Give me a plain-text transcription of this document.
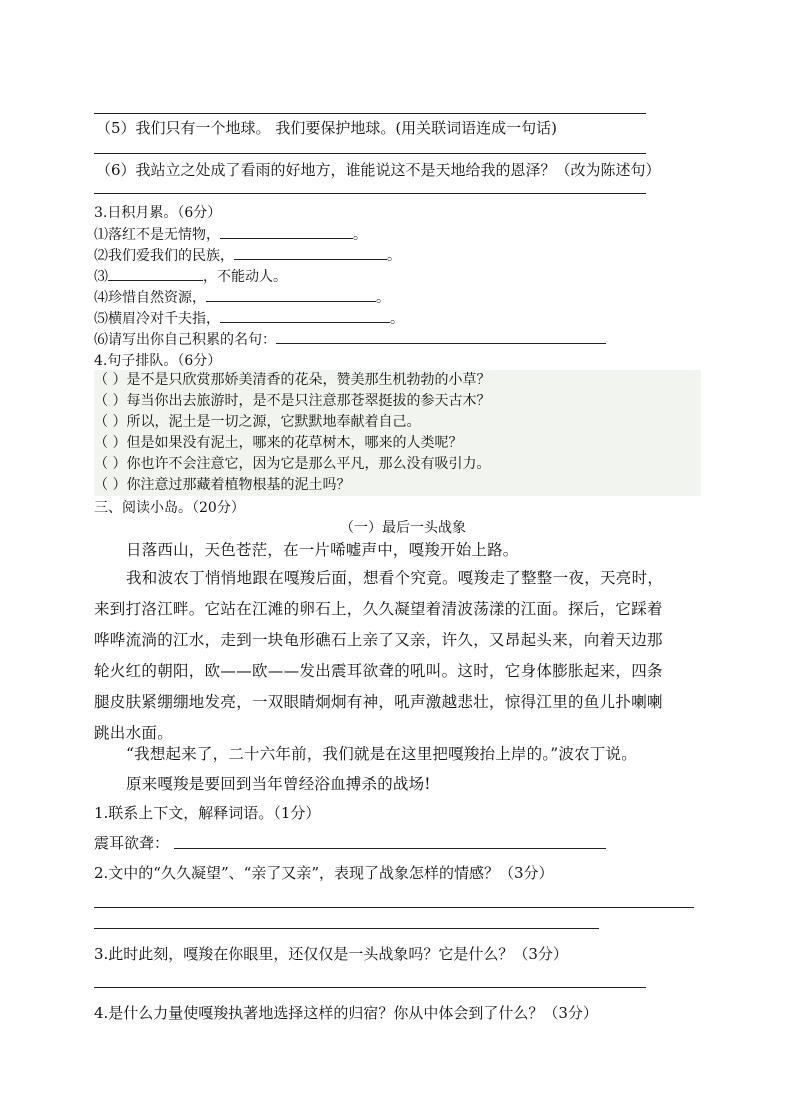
（5）我们只有一个地球。 我们要保护地球。(用关联词语连成一句话)
（6）我站立之处成了看雨的好地方，谁能说这不是天地给我的恩泽？（改为陈述句）
3.日积月累。（6分）
⑴落红不是无情物，	。
⑵我们爱我们的民族，	。
⑶	，不能动人。
⑷珍惜自然资源，	。
⑸横眉冷对千夫指，	。
⑹请写出你自己积累的名句：
4.句子排队。（6分）
（ ）是不是只欣赏那娇美清香的花朵，赞美那生机勃勃的小草？
（ ）每当你出去旅游时，是不是只注意那苍翠挺拔的参天古木？
（ ）所以，泥土是一切之源，它默默地奉献着自己。
（ ）但是如果没有泥土，哪来的花草树木，哪来的人类呢？
（ ）你也许不会注意它，因为它是那么平凡，那么没有吸引力。
（ ）你注意过那藏着植物根基的泥土吗？
三、阅读小岛。（20分）
（一）最后一头战象
日落西山，天色苍茫，在一片唏嘘声中，嘎羧开始上路。
我和波农丁悄悄地跟在嘎羧后面，想看个究竟。嘎羧走了整整一夜，天亮时，来到打洛江畔。它站在江滩的卵石上，久久凝望着清波荡漾的江面。探后，它踩着哗哗流淌的江水，走到一块龟形礁石上亲了又亲，许久，又昂起头来，向着天边那轮火红的朝阳，欧——欧——发出震耳欲聋的吼叫。这时，它身体膨胀起来，四条腿皮肤紧绷绷地发亮，一双眼睛炯炯有神，吼声激越悲壮，惊得江里的鱼儿扑喇喇跳出水面。
“我想起来了，二十六年前，我们就是在这里把嘎羧抬上岸的。”波农丁说。
原来嘎羧是要回到当年曾经浴血搏杀的战场!
1.联系上下文，解释词语。（1分）
震耳欲聋：
2.文中的“久久凝望”、“亲了又亲”，表现了战象怎样的情感？（3分）
3.此时此刻，嘎羧在你眼里，还仅仅是一头战象吗？它是什么？（3分）
4.是什么力量使嘎羧执著地选择这样的归宿？你从中体会到了什么？（3分）
